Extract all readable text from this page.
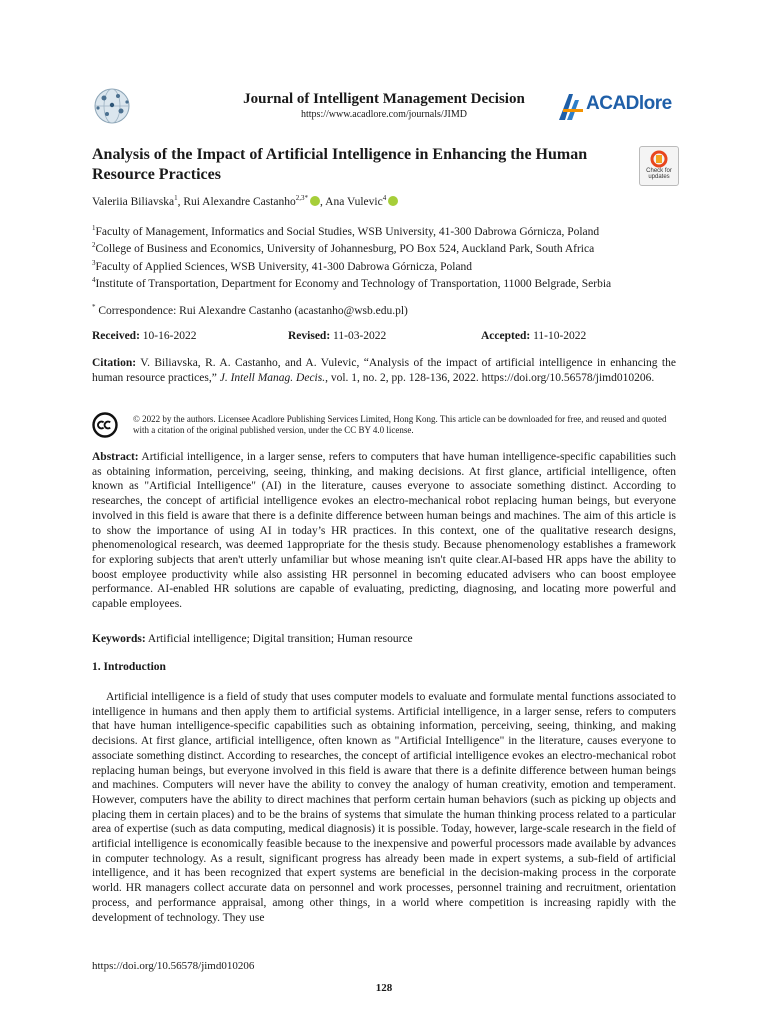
Journal of Intelligent Management Decision
https://www.acadlore.com/journals/JIMD
ACADlore
Check for updates
Analysis of the Impact of Artificial Intelligence in Enhancing the Human Resource Practices
Valeriia Biliavska$^1$, Rui Alexandre Castanho$^{2,3*}$ , Ana Vulevic$^4$
$^1$Faculty of Management, Informatics and Social Studies, WSB University, 41-300 Dabrowa Górnicza, Poland
$^2$College of Business and Economics, University of Johannesburg, PO Box 524, Auckland Park, South Africa
$^3$Faculty of Applied Sciences, WSB University, 41-300 Dabrowa Górnicza, Poland
$^4$Institute of Transportation, Department for Economy and Technology of Transportation, 11000 Belgrade, Serbia
* Correspondence: Rui Alexandre Castanho (acastanho@wsb.edu.pl)
Received: 10-16-2022	Revised: 11-03-2022	Accepted: 11-10-2022
Citation: V. Biliavska, R. A. Castanho, and A. Vulevic, “Analysis of the impact of artificial intelligence in enhancing the human resource practices,” J. Intell Manag. Decis., vol. 1, no. 2, pp. 128-136, 2022. https://doi.org/10.56578/jimd010206.
© 2022 by the authors. Licensee Acadlore Publishing Services Limited, Hong Kong. This article can be downloaded for free, and reused and quoted with a citation of the original published version, under the CC BY 4.0 license.
Abstract: Artificial intelligence, in a larger sense, refers to computers that have human intelligence-specific capabilities such as obtaining information, perceiving, seeing, thinking, and making decisions. At first glance, artificial intelligence, often known as "Artificial Intelligence" (AI) in the literature, causes everyone to associate something distinct. According to researches, the concept of artificial intelligence evokes an electro-mechanical robot replacing human beings, but everyone involved in this field is aware that there is a definite difference between human beings and machines. The aim of this article is to show the importance of using AI in today’s HR practices. In this context, one of the qualitative research designs, phenomenological research, was deemed 1appropriate for the thesis study. Because phenomenology establishes a framework for exploring subjects that aren't utterly unfamiliar but whose meaning isn't quite clear.AI-based HR apps have the ability to boost employee productivity while also assisting HR personnel in becoming educated advisers who can boost employee performance. AI-enabled HR solutions are capable of evaluating, predicting, diagnosing, and locating more powerful and capable employees.
Keywords: Artificial intelligence; Digital transition; Human resource
1. Introduction
Artificial intelligence is a field of study that uses computer models to evaluate and formulate mental functions associated to intelligence in humans and then apply them to artificial systems. Artificial intelligence, in a larger sense, refers to computers that have human intelligence-specific capabilities such as obtaining information, perceiving, seeing, thinking, and making decisions. At first glance, artificial intelligence, often known as "Artificial Intelligence" in the literature, causes everyone to associate something distinct. According to researches, the concept of artificial intelligence evokes an electro-mechanical robot replacing human beings, but everyone involved in this field is aware that there is a definite difference between human beings and machines. Computers will never have the ability to convey the analogy of human creativity, emotion and temperament. However, computers have the ability to direct machines that perform certain human behaviors (such as picking up objects and placing them in certain places) and to be the brains of systems that simulate the human thinking process related to a particular area of expertise (such as data computing, medical diagnosis) it is possible. Today, however, large-scale research in the field of artificial intelligence is economically feasible because to the inexpensive and powerful processors made available by advances in computer technology. As a result, significant progress has already been made in expert systems, a sub-field of artificial intelligence, and it has been recognized that expert systems are beneficial in the decision-making process in the corporate world. HR managers collect accurate data on personnel and work processes, personnel training and recruitment, orientation process, and performance appraisal, among other things, in a world where competition is increasing rapidly with the development of technology. They use
https://doi.org/10.56578/jimd010206
128
